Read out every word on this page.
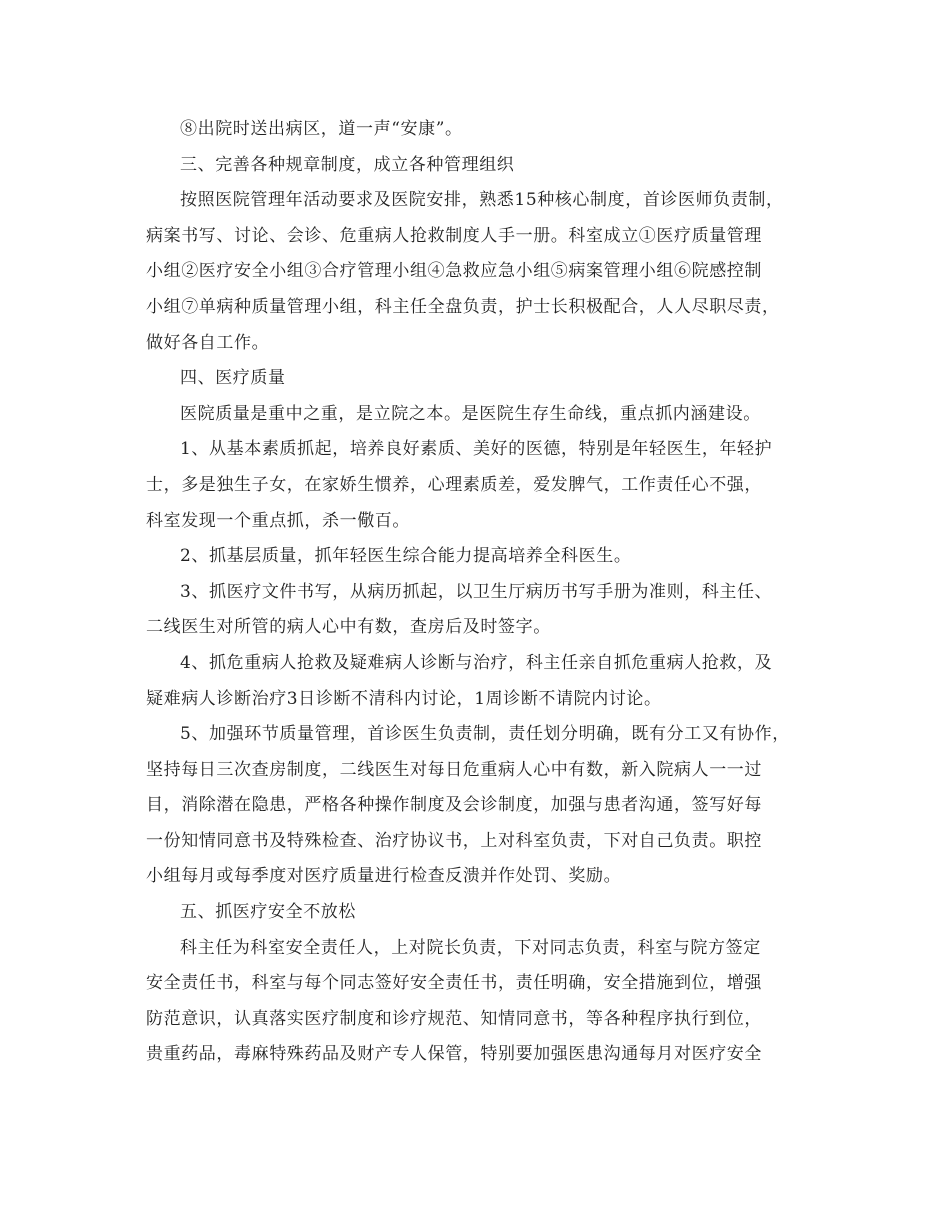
⑧出院时送出病区，道一声“安康”。
三、完善各种规章制度，成立各种管理组织
按照医院管理年活动要求及医院安排，熟悉15种核心制度，首诊医师负责制，
病案书写、讨论、会诊、危重病人抢救制度人手一册。科室成立①医疗质量管理
小组②医疗安全小组③合疗管理小组④急救应急小组⑤病案管理小组⑥院感控制
小组⑦单病种质量管理小组，科主任全盘负责，护士长积极配合，人人尽职尽责，
做好各自工作。
四、医疗质量
医院质量是重中之重，是立院之本。是医院生存生命线，重点抓内涵建设。
1、从基本素质抓起，培养良好素质、美好的医德，特别是年轻医生，年轻护
士，多是独生子女，在家娇生惯养，心理素质差，爱发脾气，工作责任心不强，
科室发现一个重点抓，杀一儆百。
2、抓基层质量，抓年轻医生综合能力提高培养全科医生。
3、抓医疗文件书写，从病历抓起，以卫生厅病历书写手册为准则，科主任、
二线医生对所管的病人心中有数，查房后及时签字。
4、抓危重病人抢救及疑难病人诊断与治疗，科主任亲自抓危重病人抢救，及
疑难病人诊断治疗3日诊断不清科内讨论，1周诊断不请院内讨论。
5、加强环节质量管理，首诊医生负责制，责任划分明确，既有分工又有协作，
坚持每日三次查房制度，二线医生对每日危重病人心中有数，新入院病人一一过
目，消除潜在隐患，严格各种操作制度及会诊制度，加强与患者沟通，签写好每
一份知情同意书及特殊检查、治疗协议书，上对科室负责，下对自己负责。职控
小组每月或每季度对医疗质量进行检查反溃并作处罚、奖励。
五、抓医疗安全不放松
科主任为科室安全责任人，上对院长负责，下对同志负责，科室与院方签定
安全责任书，科室与每个同志签好安全责任书，责任明确，安全措施到位，增强
防范意识，认真落实医疗制度和诊疗规范、知情同意书，等各种程序执行到位，
贵重药品，毒麻特殊药品及财产专人保管，特别要加强医患沟通每月对医疗安全
